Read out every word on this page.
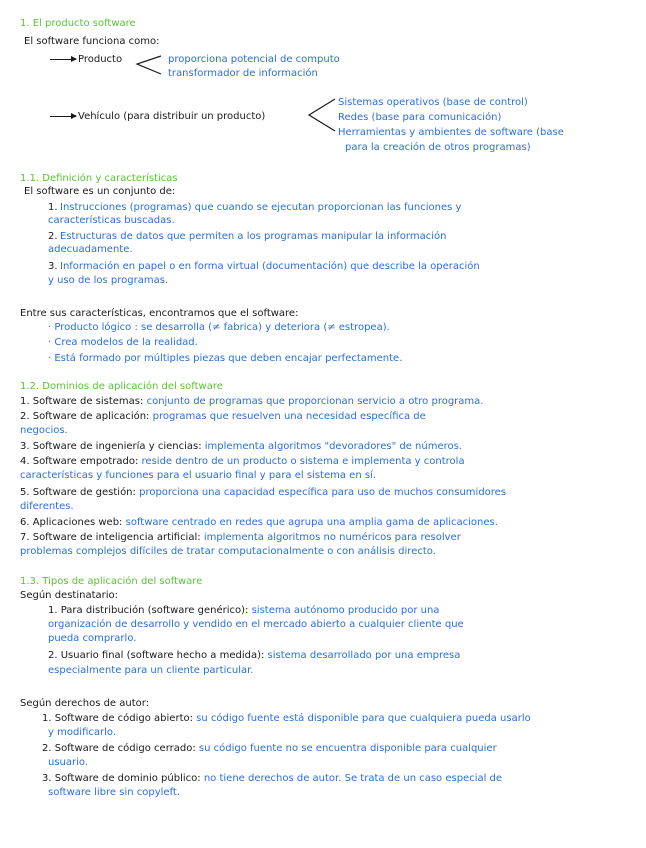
1. El producto software
El software funciona como:
Producto	proporciona potencial de computo
transformador de información
Vehículo (para distribuir un producto)
Sistemas operativos (base de control)
Redes (base para comunicación)
Herramientas y ambientes de software (base
para la creación de otros programas)
1.1. Definición y características
El software es un conjunto de:
1. Instrucciones (programas) que cuando se ejecutan proporcionan las funciones y
características buscadas.
2. Estructuras de datos que permiten a los programas manipular la información
adecuadamente.
3. Información en papel o en forma virtual (documentación) que describe la operación
y uso de los programas.
Entre sus características, encontramos que el software:
· Producto lógico : se desarrolla (≠ fabrica) y deteriora (≠ estropea).
· Crea modelos de la realidad.
· Está formado por múltiples piezas que deben encajar perfectamente.
1.2. Dominios de aplicación del software
1. Software de sistemas: conjunto de programas que proporcionan servicio a otro programa.
2. Software de aplicación: programas que resuelven una necesidad específica de
negocios.
3. Software de ingeniería y ciencias: implementa algoritmos "devoradores" de números.
4. Software empotrado: reside dentro de un producto o sistema e implementa y controla
características y funciones para el usuario final y para el sistema en sí.
5. Software de gestión: proporciona una capacidad específica para uso de muchos consumidores
diferentes.
6. Aplicaciones web: software centrado en redes que agrupa una amplia gama de aplicaciones.
7. Software de inteligencia artificial: implementa algoritmos no numéricos para resolver
problemas complejos difíciles de tratar computacionalmente o con análisis directo.
1.3. Tipos de aplicación del software
Según destinatario:
1. Para distribución (software genérico): sistema autónomo producido por una
organización de desarrollo y vendido en el mercado abierto a cualquier cliente que
pueda comprarlo.
2. Usuario final (software hecho a medida): sistema desarrollado por una empresa
especialmente para un cliente particular.
Según derechos de autor:
1. Software de código abierto: su código fuente está disponible para que cualquiera pueda usarlo
y modificarlo.
2. Software de código cerrado: su código fuente no se encuentra disponible para cualquier
usuario.
3. Software de dominio público: no tiene derechos de autor. Se trata de un caso especial de
software libre sin copyleft.
